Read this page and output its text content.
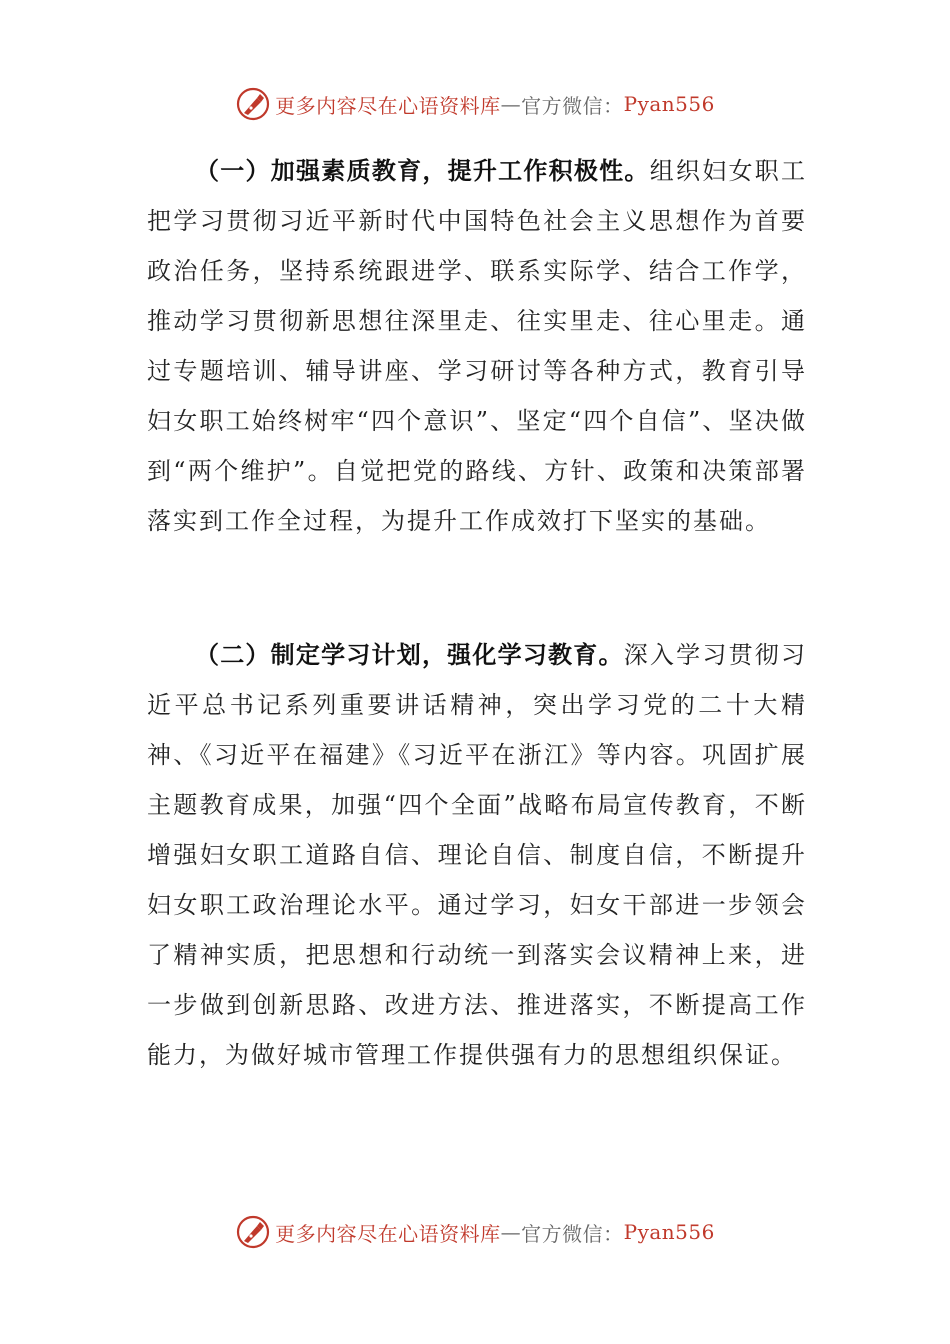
更多内容尽在心语资料库 — 官方微信： Pyan556

（一）加强素质教育，提升工作积极性。组织妇女职工把学习贯彻习近平新时代中国特色社会主义思想作为首要政治任务，坚持系统跟进学、联系实际学、结合工作学，推动学习贯彻新思想往深里走、往实里走、往心里走。通过专题培训、辅导讲座、学习研讨等各种方式，教育引导妇女职工始终树牢“四个意识”、坚定“四个自信”、坚决做到“两个维护”。自觉把党的路线、方针、政策和决策部署落实到工作全过程，为提升工作成效打下坚实的基础。

（二）制定学习计划，强化学习教育。深入学习贯彻习近平总书记系列重要讲话精神，突出学习党的二十大精神、《习近平在福建》《习近平在浙江》等内容。巩固扩展主题教育成果，加强“四个全面”战略布局宣传教育，不断增强妇女职工道路自信、理论自信、制度自信，不断提升妇女职工政治理论水平。通过学习，妇女干部进一步领会了精神实质，把思想和行动统一到落实会议精神上来，进一步做到创新思路、改进方法、推进落实，不断提高工作能力，为做好城市管理工作提供强有力的思想组织保证。

更多内容尽在心语资料库 — 官方微信： Pyan556
